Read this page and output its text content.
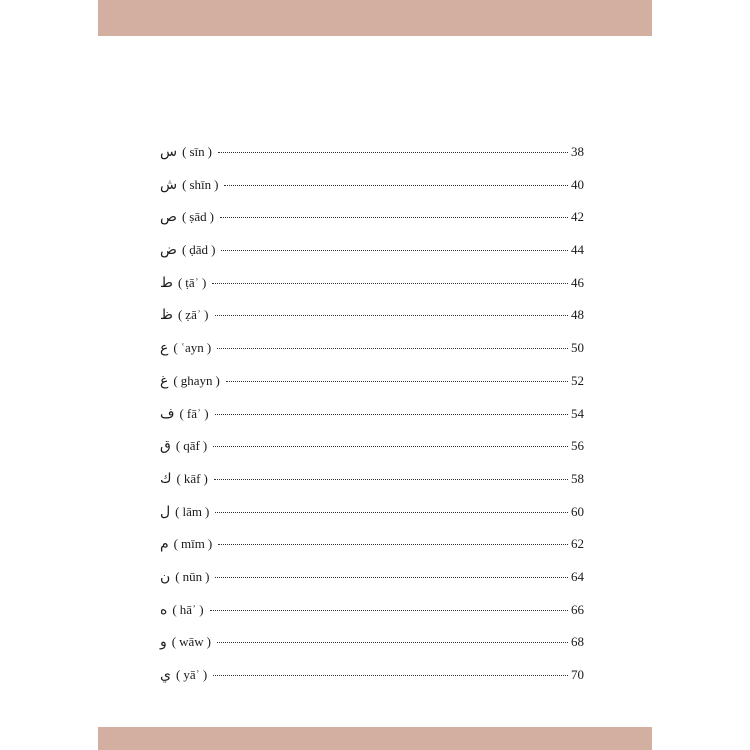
س ( sīn )	38
ش ( shīn )	40
ص ( ṣād )	42
ض ( ḍād )	44
ط ( ṭāʾ )	46
ظ ( ẓāʾ )	48
ع ( ʿayn )	50
غ ( ghayn )	52
ف ( fāʾ )	54
ق ( qāf )	56
ك ( kāf )	58
ل ( lām )	60
م ( mīm )	62
ن ( nūn )	64
ه ( hāʾ )	66
و ( wāw )	68
ي ( yāʾ )	70
